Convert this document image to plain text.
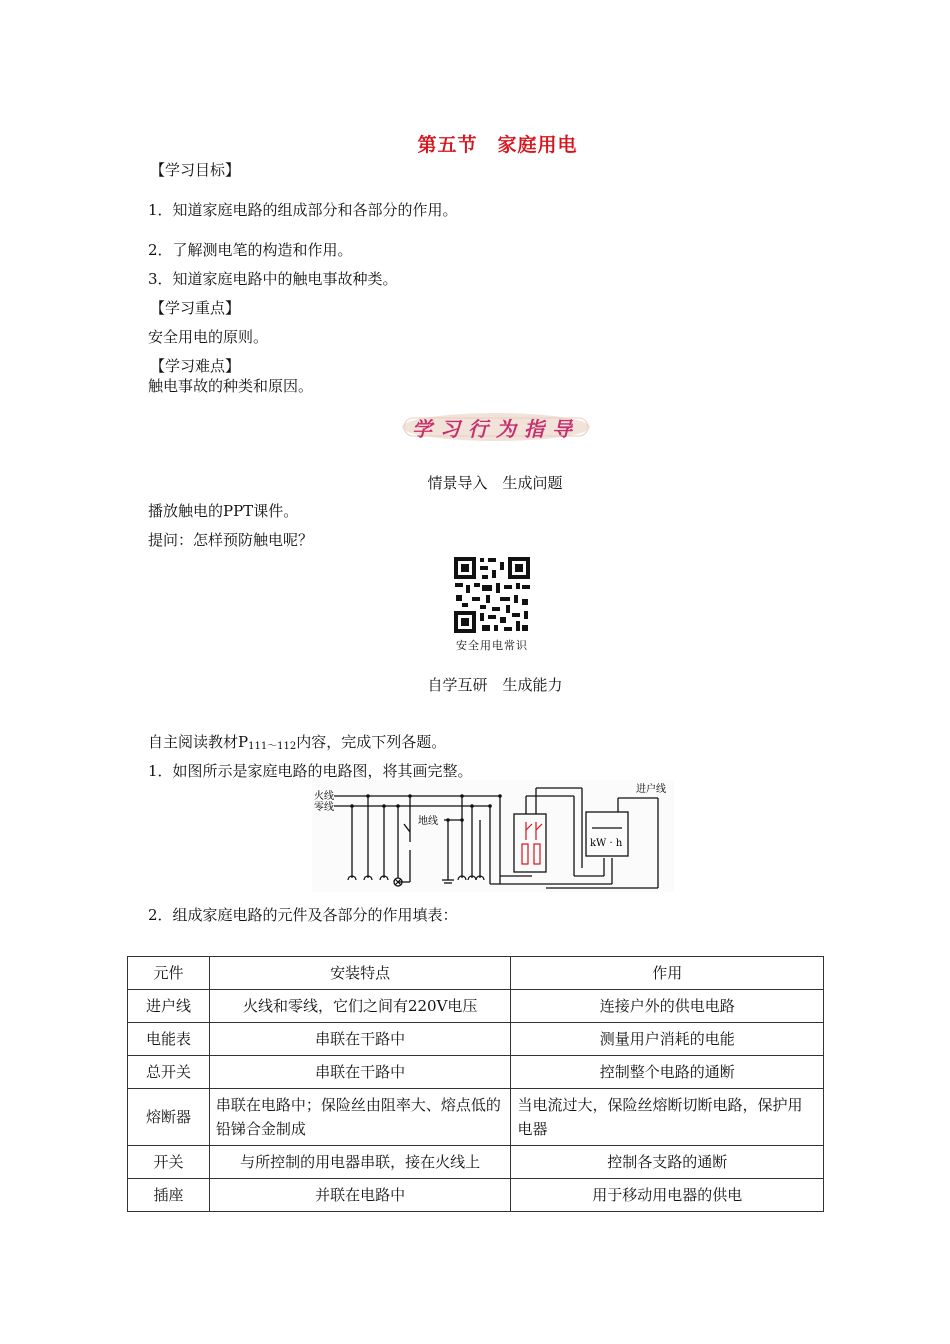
第五节　家庭用电
【学习目标】
1．知道家庭电路的组成部分和各部分的作用。
2．了解测电笔的构造和作用。
3．知道家庭电路中的触电事故种类。
【学习重点】
安全用电的原则。
【学习难点】
触电事故的种类和原因。
学习行为指导
情景导入　生成问题
播放触电的PPT课件。
提问：怎样预防触电呢？
安全用电常识
自学互研　生成能力
自主阅读教材$P_{111\sim 112}$内容，完成下列各题。
1．如图所示是家庭电路的电路图，将其画完整。
火线
零线
地线
进户线
kW · h
2．组成家庭电路的元件及各部分的作用填表：
元件	安装特点	作用
进户线	火线和零线，它们之间有220V电压	连接户外的供电电路
电能表	串联在干路中	测量用户消耗的电能
总开关	串联在干路中	控制整个电路的通断
熔断器	串联在电路中；保险丝由阻率大、熔点低的铅锑合金制成	当电流过大，保险丝熔断切断电路，保护用电器
开关	与所控制的用电器串联，接在火线上	控制各支路的通断
插座	并联在电路中	用于移动用电器的供电
